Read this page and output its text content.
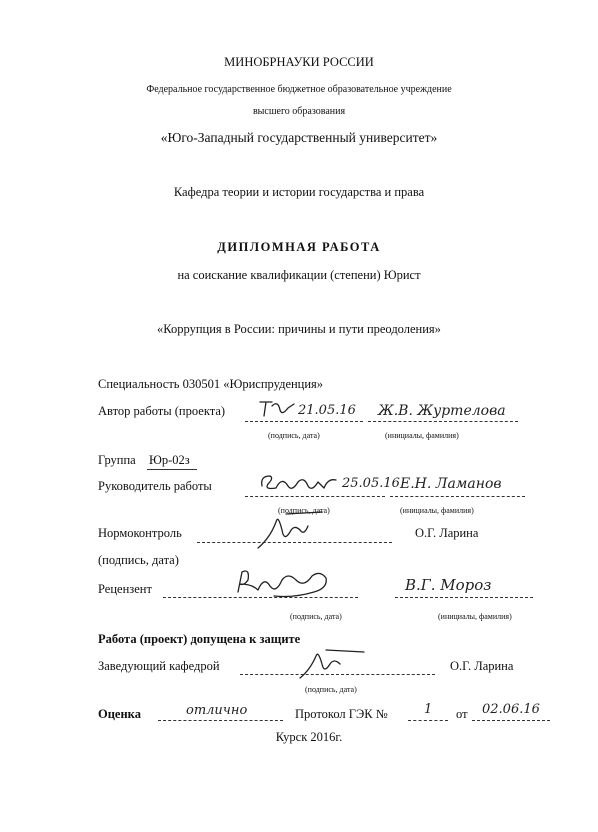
МИНОБРНАУКИ РОССИИ
Федеральное государственное бюджетное образовательное учреждение
высшего образования
«Юго-Западный государственный университет»
Кафедра теории и истории государства и права
ДИПЛОМНАЯ РАБОТА
на соискание квалификации (степени) Юрист
«Коррупция в России: причины и пути преодоления»
Специальность 030501 «Юриспруденция»
Автор работы (проекта)	21.05.16 Ж.В. Журтелова
(подпись, дата)	(инициалы, фамилия)
Группа Юр-02з
Руководитель работы	25.05.16 Е.Н. Ламанов
(подпись, дата)	(инициалы, фамилия)
Нормоконтроль	О.Г. Ларина
(подпись, дата)
Рецензент	В.Г. Мороз
(подпись, дата)	(инициалы, фамилия)
Работа (проект) допущена к защите
Заведующий кафедрой	О.Г. Ларина
(подпись, дата)
Оценка	отлично	Протокол ГЭК №	1 от 02.06.16
Курск 2016г.
